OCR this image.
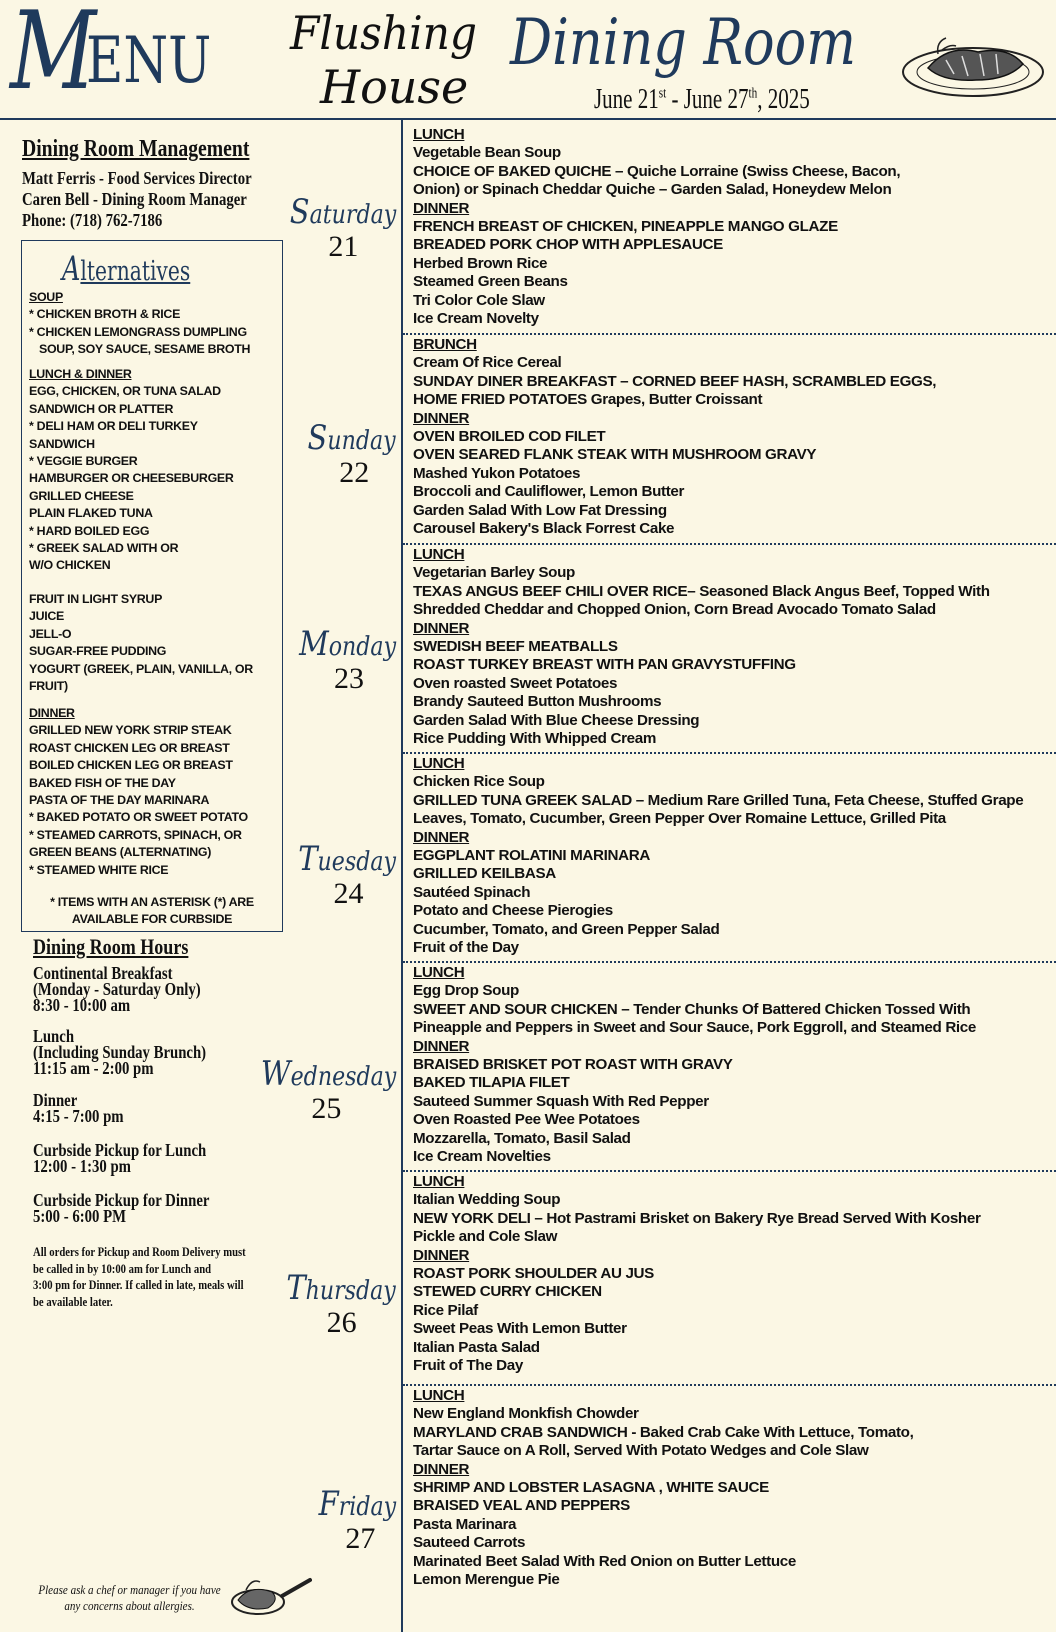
M
ENU Flushing
House
Dining Room
June 21st - June 27th, 2025
Dining Room Management
Matt Ferris - Food Services Director
Caren Bell - Dining Room Manager
Phone: (718) 762-7186
Alternatives
SOUP
* CHICKEN BROTH & RICE
* CHICKEN LEMONGRASS DUMPLING
SOUP, SOY SAUCE, SESAME BROTH
LUNCH & DINNER
EGG, CHICKEN, OR TUNA SALAD
SANDWICH OR PLATTER
* DELI HAM OR DELI TURKEY
SANDWICH
* VEGGIE BURGER
HAMBURGER OR CHEESEBURGER
GRILLED CHEESE
PLAIN FLAKED TUNA
* HARD BOILED EGG
* GREEK SALAD WITH OR
W/O CHICKEN
FRUIT IN LIGHT SYRUP
JUICE
JELL-O
SUGAR-FREE PUDDING
YOGURT (GREEK, PLAIN, VANILLA, OR
FRUIT)
DINNER
GRILLED NEW YORK STRIP STEAK
ROAST CHICKEN LEG OR BREAST
BOILED CHICKEN LEG OR BREAST
BAKED FISH OF THE DAY
PASTA OF THE DAY MARINARA
* BAKED POTATO OR SWEET POTATO
* STEAMED CARROTS, SPINACH, OR
GREEN BEANS (ALTERNATING)
* STEAMED WHITE RICE
* ITEMS WITH AN ASTERISK (*) ARE
AVAILABLE FOR CURBSIDE
Dining Room Hours
Continental Breakfast
(Monday - Saturday Only)
8:30 - 10:00 am
Lunch
(Including Sunday Brunch)
11:15 am - 2:00 pm
Dinner
4:15 - 7:00 pm
Curbside Pickup for Lunch
12:00 - 1:30 pm
Curbside Pickup for Dinner
5:00 - 6:00 PM
All orders for Pickup and Room Delivery must
be called in by 10:00 am for Lunch and
3:00 pm for Dinner. If called in late, meals will
be available later.
Please ask a chef or manager if you have
any concerns about allergies.
Saturday
21
Sunday
22
Monday
23
Tuesday
24
Wednesday
25
Thursday
26
Friday
27
LUNCH
Vegetable Bean Soup
CHOICE OF BAKED QUICHE – Quiche Lorraine (Swiss Cheese, Bacon,
Onion) or Spinach Cheddar Quiche – Garden Salad, Honeydew Melon
DINNER
FRENCH BREAST OF CHICKEN, PINEAPPLE MANGO GLAZE
BREADED PORK CHOP WITH APPLESAUCE
Herbed Brown Rice
Steamed Green Beans
Tri Color Cole Slaw
Ice Cream Novelty
BRUNCH
Cream Of Rice Cereal
SUNDAY DINER BREAKFAST – CORNED BEEF HASH, SCRAMBLED EGGS,
HOME FRIED POTATOES Grapes, Butter Croissant
DINNER
OVEN BROILED COD FILET
OVEN SEARED FLANK STEAK WITH MUSHROOM GRAVY
Mashed Yukon Potatoes
Broccoli and Cauliflower, Lemon Butter
Garden Salad With Low Fat Dressing
Carousel Bakery's Black Forrest Cake
LUNCH
Vegetarian Barley Soup
TEXAS ANGUS BEEF CHILI OVER RICE– Seasoned Black Angus Beef, Topped With
Shredded Cheddar and Chopped Onion, Corn Bread Avocado Tomato Salad
DINNER
SWEDISH BEEF MEATBALLS
ROAST TURKEY BREAST WITH PAN GRAVYSTUFFING
Oven roasted Sweet Potatoes
Brandy Sauteed Button Mushrooms
Garden Salad With Blue Cheese Dressing
Rice Pudding With Whipped Cream
LUNCH
Chicken Rice Soup
GRILLED TUNA GREEK SALAD – Medium Rare Grilled Tuna, Feta Cheese, Stuffed Grape
Leaves, Tomato, Cucumber, Green Pepper Over Romaine Lettuce, Grilled Pita
DINNER
EGGPLANT ROLATINI MARINARA
GRILLED KEILBASA
Sautéed Spinach
Potato and Cheese Pierogies
Cucumber, Tomato, and Green Pepper Salad
Fruit of the Day
LUNCH
Egg Drop Soup
SWEET AND SOUR CHICKEN – Tender Chunks Of Battered Chicken Tossed With
Pineapple and Peppers in Sweet and Sour Sauce, Pork Eggroll, and Steamed Rice
DINNER
BRAISED BRISKET POT ROAST WITH GRAVY
BAKED TILAPIA FILET
Sauteed Summer Squash With Red Pepper
Oven Roasted Pee Wee Potatoes
Mozzarella, Tomato, Basil Salad
Ice Cream Novelties
LUNCH
Italian Wedding Soup
NEW YORK DELI – Hot Pastrami Brisket on Bakery Rye Bread Served With Kosher
Pickle and Cole Slaw
DINNER
ROAST PORK SHOULDER AU JUS
STEWED CURRY CHICKEN
Rice Pilaf
Sweet Peas With Lemon Butter
Italian Pasta Salad
Fruit of The Day
LUNCH
New England Monkfish Chowder
MARYLAND CRAB SANDWICH - Baked Crab Cake With Lettuce, Tomato,
Tartar Sauce on A Roll, Served With Potato Wedges and Cole Slaw
DINNER
SHRIMP AND LOBSTER LASAGNA , WHITE SAUCE
BRAISED VEAL AND PEPPERS
Pasta Marinara
Sauteed Carrots
Marinated Beet Salad With Red Onion on Butter Lettuce
Lemon Merengue Pie
